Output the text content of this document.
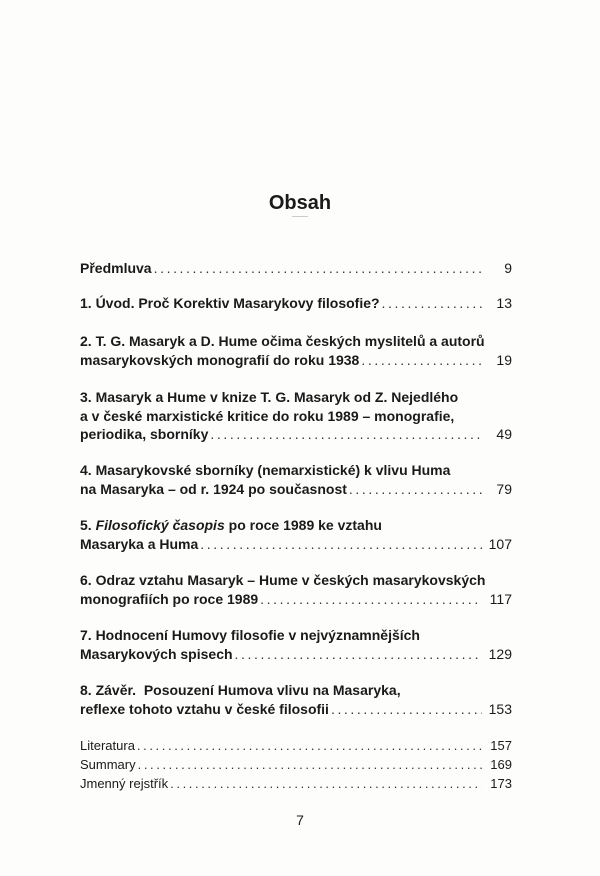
Obsah
Předmluva .....	9
1. Úvod. Proč Korektiv Masarykovy filosofie? .....	13
2. T. G. Masaryk a D. Hume očima českých myslitelů a autorů
masarykovských monografií do roku 1938 .....	19
3. Masaryk a Hume v knize T. G. Masaryk od Z. Nejedlého
a v české marxistické kritice do roku 1989 – monografie,
periodika, sborníky .....	49
4. Masarykovské sborníky (nemarxistické) k vlivu Huma
na Masaryka – od r. 1924 po současnost .....	79
5. Filosofický časopis po roce 1989 ke vztahu
Masaryka a Huma .....	107
6. Odraz vztahu Masaryk – Hume v českých masarykovských
monografiích po roce 1989 .....	117
7. Hodnocení Humovy filosofie v nejvýznamnějších
Masarykových spisech .....	129
8. Závěr.  Posouzení Humova vlivu na Masaryka,
reflexe tohoto vztahu v české filosofii .....	153
Literatura .....	157
Summary .....	169
Jmenný rejstřík .....	173
7
